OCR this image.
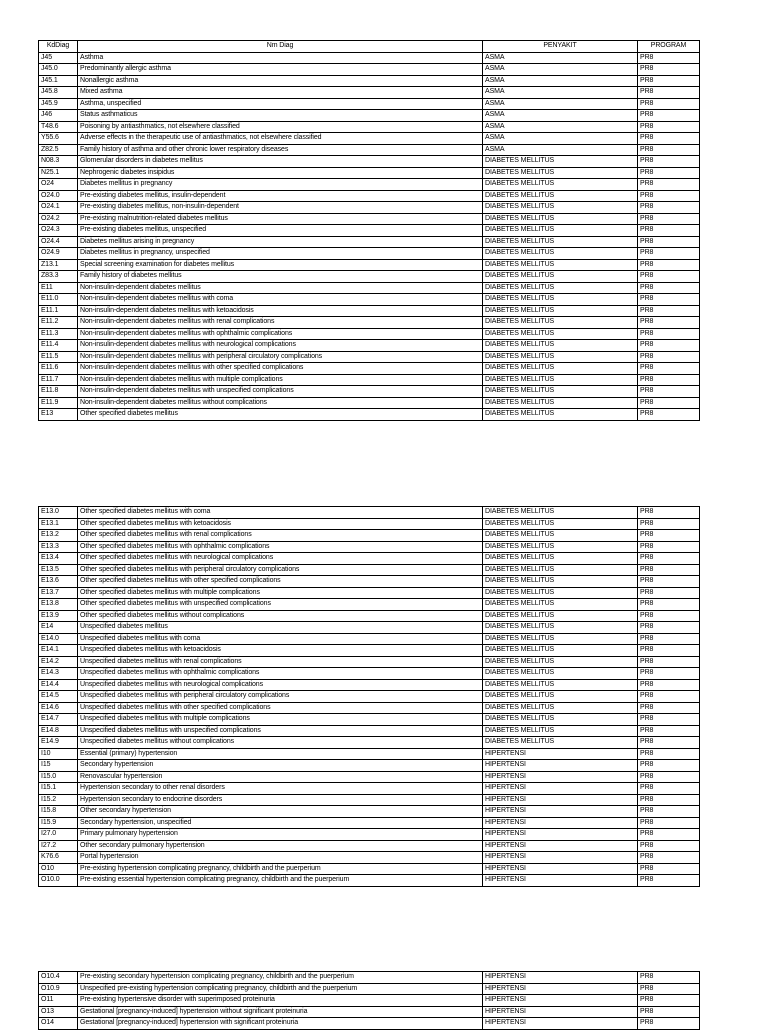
KdDiag	Nm Diag	PENYAKIT	PROGRAM
J45	Asthma	ASMA	PR8
J45.0	Predominantly allergic asthma	ASMA	PR8
J45.1	Nonallergic asthma	ASMA	PR8
J45.8	Mixed asthma	ASMA	PR8
J45.9	Asthma, unspecified	ASMA	PR8
J46	Status asthmaticus	ASMA	PR8
T48.6	Poisoning by antiasthmatics, not elsewhere classified	ASMA	PR8
Y55.6	Adverse effects in the therapeutic use of antiasthmatics, not elsewhere classified	ASMA	PR8
Z82.5	Family history of asthma and other chronic lower respiratory diseases	ASMA	PR8
N08.3	Glomerular disorders in diabetes mellitus	DIABETES MELLITUS	PR8
N25.1	Nephrogenic diabetes insipidus	DIABETES MELLITUS	PR8
O24	Diabetes mellitus in pregnancy	DIABETES MELLITUS	PR8
O24.0	Pre-existing diabetes mellitus, insulin-dependent	DIABETES MELLITUS	PR8
O24.1	Pre-existing diabetes mellitus, non-insulin-dependent	DIABETES MELLITUS	PR8
O24.2	Pre-existing malnutrition-related diabetes mellitus	DIABETES MELLITUS	PR8
O24.3	Pre-existing diabetes mellitus, unspecified	DIABETES MELLITUS	PR8
O24.4	Diabetes mellitus arising in pregnancy	DIABETES MELLITUS	PR8
O24.9	Diabetes mellitus in pregnancy, unspecified	DIABETES MELLITUS	PR8
Z13.1	Special screening examination for diabetes mellitus	DIABETES MELLITUS	PR8
Z83.3	Family history of diabetes mellitus	DIABETES MELLITUS	PR8
E11	Non-insulin-dependent diabetes mellitus	DIABETES MELLITUS	PR8
E11.0	Non-insulin-dependent diabetes mellitus with coma	DIABETES MELLITUS	PR8
E11.1	Non-insulin-dependent diabetes mellitus with ketoacidosis	DIABETES MELLITUS	PR8
E11.2	Non-insulin-dependent diabetes mellitus with renal complications	DIABETES MELLITUS	PR8
E11.3	Non-insulin-dependent diabetes mellitus with ophthalmic complications	DIABETES MELLITUS	PR8
E11.4	Non-insulin-dependent diabetes mellitus with neurological complications	DIABETES MELLITUS	PR8
E11.5	Non-insulin-dependent diabetes mellitus with peripheral circulatory complications	DIABETES MELLITUS	PR8
E11.6	Non-insulin-dependent diabetes mellitus with other specified complications	DIABETES MELLITUS	PR8
E11.7	Non-insulin-dependent diabetes mellitus with multiple complications	DIABETES MELLITUS	PR8
E11.8	Non-insulin-dependent diabetes mellitus with unspecified complications	DIABETES MELLITUS	PR8
E11.9	Non-insulin-dependent diabetes mellitus without complications	DIABETES MELLITUS	PR8
E13	Other specified diabetes mellitus	DIABETES MELLITUS	PR8
E13.0	Other specified diabetes mellitus with coma	DIABETES MELLITUS	PR8
E13.1	Other specified diabetes mellitus with ketoacidosis	DIABETES MELLITUS	PR8
E13.2	Other specified diabetes mellitus with renal complications	DIABETES MELLITUS	PR8
E13.3	Other specified diabetes mellitus with ophthalmic complications	DIABETES MELLITUS	PR8
E13.4	Other specified diabetes mellitus with neurological complications	DIABETES MELLITUS	PR8
E13.5	Other specified diabetes mellitus with peripheral circulatory complications	DIABETES MELLITUS	PR8
E13.6	Other specified diabetes mellitus with other specified complications	DIABETES MELLITUS	PR8
E13.7	Other specified diabetes mellitus with multiple complications	DIABETES MELLITUS	PR8
E13.8	Other specified diabetes mellitus with unspecified complications	DIABETES MELLITUS	PR8
E13.9	Other specified diabetes mellitus without complications	DIABETES MELLITUS	PR8
E14	Unspecified diabetes mellitus	DIABETES MELLITUS	PR8
E14.0	Unspecified diabetes mellitus with coma	DIABETES MELLITUS	PR8
E14.1	Unspecified diabetes mellitus with ketoacidosis	DIABETES MELLITUS	PR8
E14.2	Unspecified diabetes mellitus with renal complications	DIABETES MELLITUS	PR8
E14.3	Unspecified diabetes mellitus with ophthalmic complications	DIABETES MELLITUS	PR8
E14.4	Unspecified diabetes mellitus with neurological complications	DIABETES MELLITUS	PR8
E14.5	Unspecified diabetes mellitus with peripheral circulatory complications	DIABETES MELLITUS	PR8
E14.6	Unspecified diabetes mellitus with other specified complications	DIABETES MELLITUS	PR8
E14.7	Unspecified diabetes mellitus with multiple complications	DIABETES MELLITUS	PR8
E14.8	Unspecified diabetes mellitus with unspecified complications	DIABETES MELLITUS	PR8
E14.9	Unspecified diabetes mellitus without complications	DIABETES MELLITUS	PR8
I10	Essential (primary) hypertension	HIPERTENSI	PR8
I15	Secondary hypertension	HIPERTENSI	PR8
I15.0	Renovascular hypertension	HIPERTENSI	PR8
I15.1	Hypertension secondary to other renal disorders	HIPERTENSI	PR8
I15.2	Hypertension secondary to endocrine disorders	HIPERTENSI	PR8
I15.8	Other secondary hypertension	HIPERTENSI	PR8
I15.9	Secondary hypertension, unspecified	HIPERTENSI	PR8
I27.0	Primary pulmonary hypertension	HIPERTENSI	PR8
I27.2	Other secondary pulmonary hypertension	HIPERTENSI	PR8
K76.6	Portal hypertension	HIPERTENSI	PR8
O10	Pre-existing hypertension complicating pregnancy, childbirth and the puerperium	HIPERTENSI	PR8
O10.0	Pre-existing essential hypertension complicating pregnancy, childbirth and the puerperium	HIPERTENSI	PR8
O10.4	Pre-existing secondary hypertension complicating pregnancy, childbirth and the puerperium	HIPERTENSI	PR8
O10.9	Unspecified pre-existing hypertension complicating pregnancy, childbirth and the puerperium	HIPERTENSI	PR8
O11	Pre-existing hypertensive disorder with superimposed proteinuria	HIPERTENSI	PR8
O13	Gestational [pregnancy-induced] hypertension without significant proteinuria	HIPERTENSI	PR8
O14	Gestational [pregnancy-induced] hypertension with significant proteinuria	HIPERTENSI	PR8
